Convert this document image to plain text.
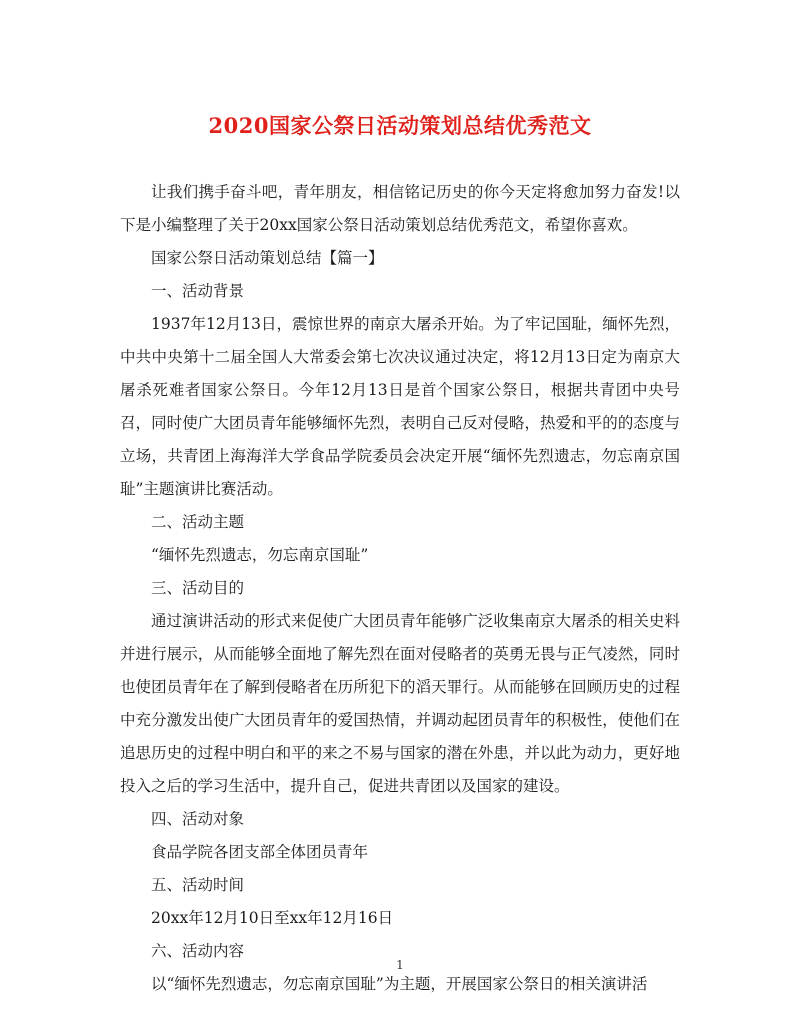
2020国家公祭日活动策划总结优秀范文

让我们携手奋斗吧，青年朋友，相信铭记历史的你今天定将愈加努力奋发!以下是小编整理了关于20xx国家公祭日活动策划总结优秀范文，希望你喜欢。

国家公祭日活动策划总结【篇一】

一、活动背景

1937年12月13日，震惊世界的南京大屠杀开始。为了牢记国耻，缅怀先烈，中共中央第十二届全国人大常委会第七次决议通过决定，将12月13日定为南京大屠杀死难者国家公祭日。今年12月13日是首个国家公祭日，根据共青团中央号召，同时使广大团员青年能够缅怀先烈，表明自己反对侵略，热爱和平的的态度与立场，共青团上海海洋大学食品学院委员会决定开展“缅怀先烈遗志，勿忘南京国耻”主题演讲比赛活动。

二、活动主题

“缅怀先烈遗志，勿忘南京国耻”

三、活动目的

通过演讲活动的形式来促使广大团员青年能够广泛收集南京大屠杀的相关史料并进行展示，从而能够全面地了解先烈在面对侵略者的英勇无畏与正气凌然，同时也使团员青年在了解到侵略者在历所犯下的滔天罪行。从而能够在回顾历史的过程中充分激发出使广大团员青年的爱国热情，并调动起团员青年的积极性，使他们在追思历史的过程中明白和平的来之不易与国家的潜在外患，并以此为动力，更好地投入之后的学习生活中，提升自己，促进共青团以及国家的建设。

四、活动对象

食品学院各团支部全体团员青年

五、活动时间

20xx年12月10日至xx年12月16日

六、活动内容

以“缅怀先烈遗志，勿忘南京国耻”为主题，开展国家公祭日的相关演讲活

1
